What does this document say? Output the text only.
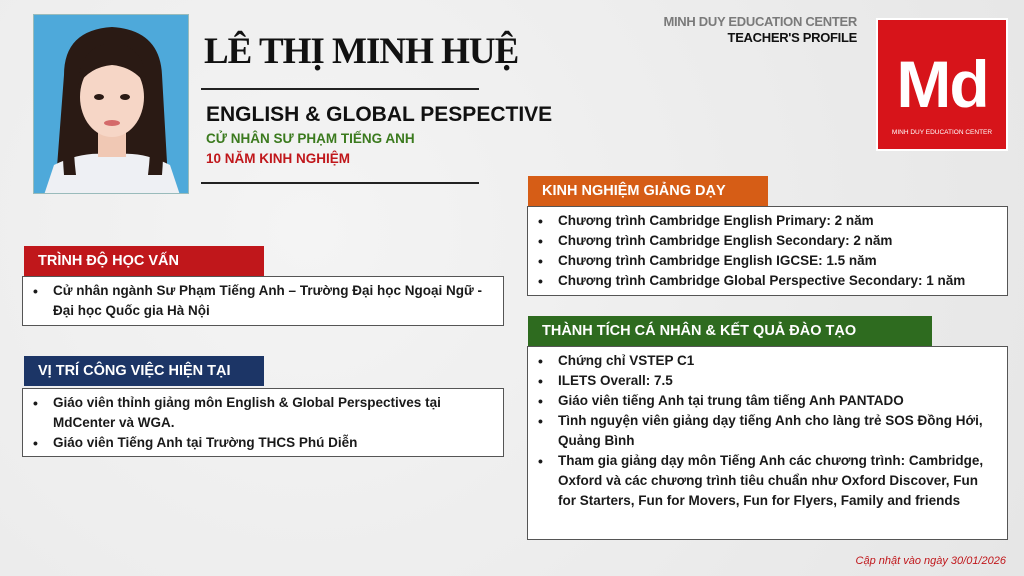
LÊ THỊ MINH HUỆ
ENGLISH & GLOBAL PESPECTIVE
CỬ NHÂN SƯ PHẠM TIẾNG ANH
10 NĂM KINH NGHIỆM
MINH DUY EDUCATION CENTER
TEACHER'S PROFILE
Md
MINH DUY EDUCATION CENTER
TRÌNH ĐỘ HỌC VẤN
• Cử nhân ngành Sư Phạm Tiếng Anh – Trường Đại học Ngoại Ngữ - Đại học Quốc gia Hà Nội
VỊ TRÍ CÔNG VIỆC HIỆN TẠI
• Giáo viên thỉnh giảng môn English & Global Perspectives tại MdCenter và WGA.
• Giáo viên Tiếng Anh tại Trường THCS Phú Diễn
KINH NGHIỆM GIẢNG DẠY
• Chương trình Cambridge English Primary: 2 năm
• Chương trình Cambridge English Secondary: 2 năm
• Chương trình Cambridge English IGCSE: 1.5 năm
• Chương trình Cambridge Global Perspective Secondary: 1 năm
THÀNH TÍCH CÁ NHÂN & KẾT QUẢ ĐÀO TẠO
• Chứng chỉ VSTEP C1
• ILETS Overall: 7.5
• Giáo viên tiếng Anh tại trung tâm tiếng Anh PANTADO
• Tình nguyện viên giảng dạy tiếng Anh cho làng trẻ SOS Đồng Hới, Quảng Bình
• Tham gia giảng dạy môn Tiếng Anh các chương trình: Cambridge, Oxford và các chương trình tiêu chuẩn như Oxford Discover, Fun for Starters, Fun for Movers, Fun for Flyers, Family and friends
Cập nhật vào ngày 30/01/2026
